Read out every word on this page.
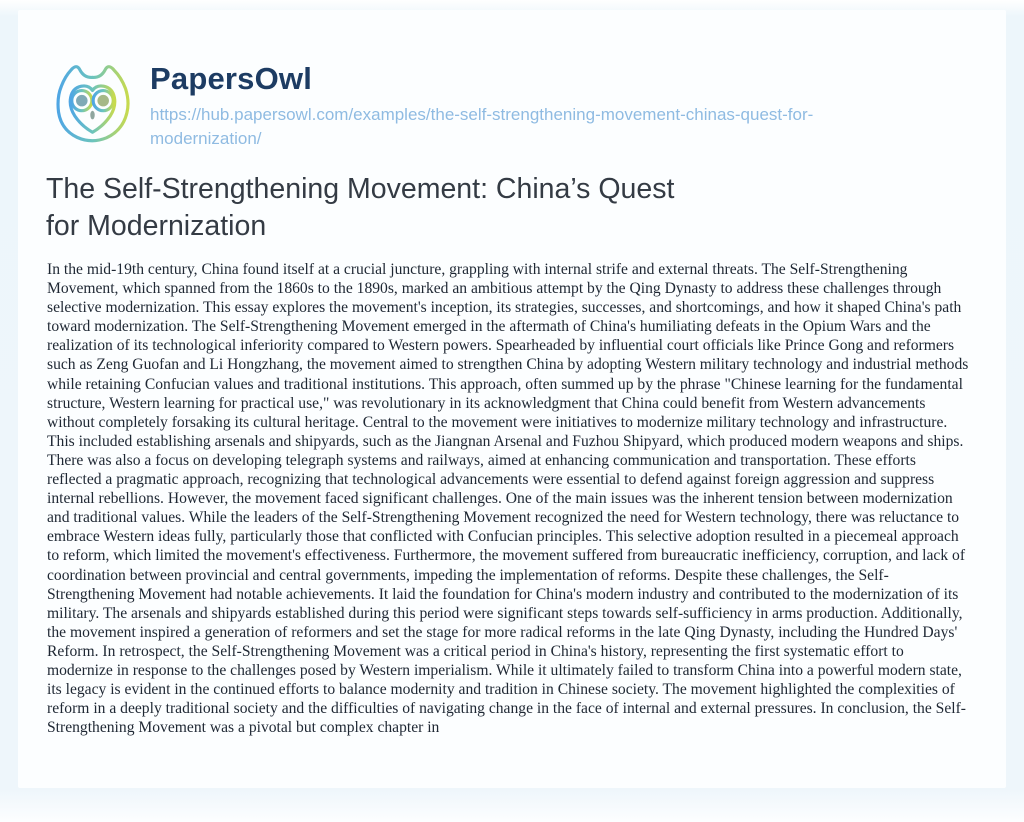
PapersOwl
https://hub.papersowl.com/examples/the-self-strengthening-movement-chinas-quest-for-modernization/
The Self-Strengthening Movement: China’s Quest for Modernization

In the mid-19th century, China found itself at a crucial juncture, grappling with internal strife and external threats. The Self-Strengthening Movement, which spanned from the 1860s to the 1890s, marked an ambitious attempt by the Qing Dynasty to address these challenges through selective modernization. This essay explores the movement's inception, its strategies, successes, and shortcomings, and how it shaped China's path toward modernization. The Self-Strengthening Movement emerged in the aftermath of China's humiliating defeats in the Opium Wars and the realization of its technological inferiority compared to Western powers. Spearheaded by influential court officials like Prince Gong and reformers such as Zeng Guofan and Li Hongzhang, the movement aimed to strengthen China by adopting Western military technology and industrial methods while retaining Confucian values and traditional institutions. This approach, often summed up by the phrase "Chinese learning for the fundamental structure, Western learning for practical use," was revolutionary in its acknowledgment that China could benefit from Western advancements without completely forsaking its cultural heritage. Central to the movement were initiatives to modernize military technology and infrastructure. This included establishing arsenals and shipyards, such as the Jiangnan Arsenal and Fuzhou Shipyard, which produced modern weapons and ships. There was also a focus on developing telegraph systems and railways, aimed at enhancing communication and transportation. These efforts reflected a pragmatic approach, recognizing that technological advancements were essential to defend against foreign aggression and suppress internal rebellions. However, the movement faced significant challenges. One of the main issues was the inherent tension between modernization and traditional values. While the leaders of the Self-Strengthening Movement recognized the need for Western technology, there was reluctance to embrace Western ideas fully, particularly those that conflicted with Confucian principles. This selective adoption resulted in a piecemeal approach to reform, which limited the movement's effectiveness. Furthermore, the movement suffered from bureaucratic inefficiency, corruption, and lack of coordination between provincial and central governments, impeding the implementation of reforms. Despite these challenges, the Self-Strengthening Movement had notable achievements. It laid the foundation for China's modern industry and contributed to the modernization of its military. The arsenals and shipyards established during this period were significant steps towards self-sufficiency in arms production. Additionally, the movement inspired a generation of reformers and set the stage for more radical reforms in the late Qing Dynasty, including the Hundred Days' Reform. In retrospect, the Self-Strengthening Movement was a critical period in China's history, representing the first systematic effort to modernize in response to the challenges posed by Western imperialism. While it ultimately failed to transform China into a powerful modern state, its legacy is evident in the continued efforts to balance modernity and tradition in Chinese society. The movement highlighted the complexities of reform in a deeply traditional society and the difficulties of navigating change in the face of internal and external pressures. In conclusion, the Self-Strengthening Movement was a pivotal but complex chapter in
